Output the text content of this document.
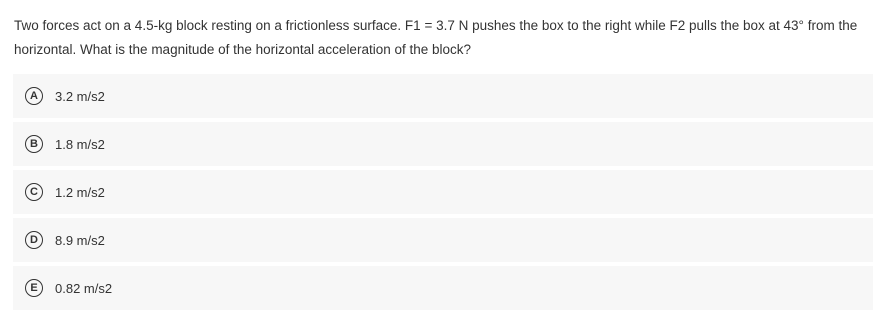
Two forces act on a 4.5-kg block resting on a frictionless surface. F1 = 3.7 N pushes the box to the right while F2 pulls the box at 43° from the horizontal. What is the magnitude of the horizontal acceleration of the block?
A	3.2 m/s2
B	1.8 m/s2
C	1.2 m/s2
D	8.9 m/s2
E	0.82 m/s2
